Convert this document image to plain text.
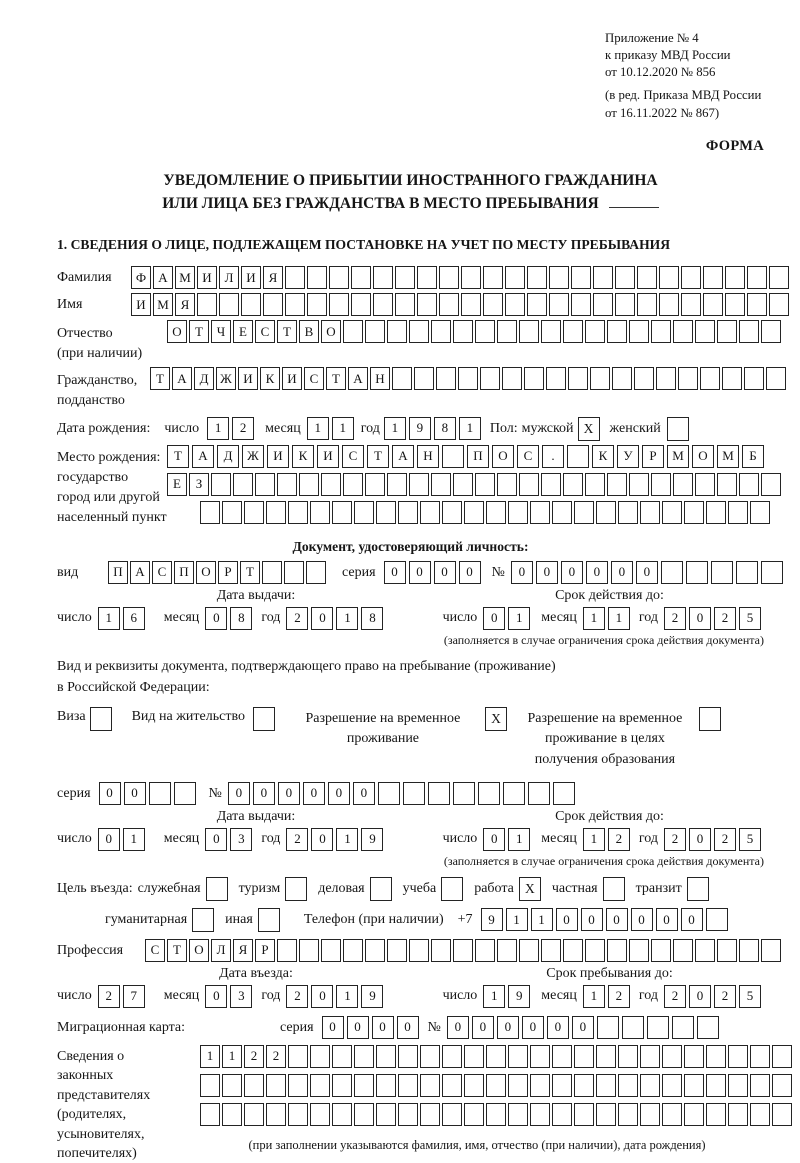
Приложение № 4
к приказу МВД России
от 10.12.2020 № 856
(в ред. Приказа МВД России
от 16.11.2022 № 867)
ФОРМА
УВЕДОМЛЕНИЕ О ПРИБЫТИИ ИНОСТРАННОГО ГРАЖДАНИНА
ИЛИ ЛИЦА БЕЗ ГРАЖДАНСТВА В МЕСТО ПРЕБЫВАНИЯ
1. СВЕДЕНИЯ О ЛИЦЕ, ПОДЛЕЖАЩЕМ ПОСТАНОВКЕ НА УЧЕТ ПО МЕСТУ ПРЕБЫВАНИЯ
Фамилия	Ф А М И Л И Я
Имя	И М Я
Отчество
(при наличии)
О	Т	Ч	Е	С	Т	В О
Гражданство,
подданство
Т	А Д Ж И К И С	Т	А Н
Дата рождения: число	1	2	месяц	1	1	год 1	9	8	1	Пол: мужской X	женский
Место рождения:
государство
город или другой
населенный пункт
Т	А	Д	Ж	И	К	И	С	Т	А	Н	П	О	С	.	К	У	Р	М	О	М	Б
Е	З
Документ, удостоверяющий личность:
вид	П А С П О	Р	Т	серия	0	0	0	0	№	0	0	0	0	0	0
Дата выдачи:	Срок действия до:
число	1	6	месяц	0	8	год	2	0	1	8	число	0	1	месяц	1	1	год	2	0	2	5
(заполняется в случае ограничения срока действия документа)
Вид и реквизиты документа, подтверждающего право на пребывание (проживание)
в Российской Федерации:
Виза	Вид на жительство	Разрешение на временное проживание
X	Разрешение на временное проживание в целях получения образования
серия	0	0	№	0	0	0	0	0	0
Дата выдачи:	Срок действия до:
число	0	1	месяц	0	3	год	2	0	1	9	число	0	1	месяц	1	2	год	2	0	2	5
(заполняется в случае ограничения срока действия документа)
Цель въезда: служебная	туризм	деловая	учеба	работа X	частная	транзит
гуманитарная	иная	Телефон (при наличии) +7	9	1	1	0	0	0	0	0	0
Профессия	С	Т	О Л	Я	Р
Дата въезда:	Срок пребывания до:
число	2	7	месяц	0	3	год	2	0	1	9	число	1	9	месяц	1	2	год	2	0	2	5
Миграционная карта:	серия	0	0	0	0	№	0	0	0	0	0	0
Сведения о
законных
представителях
(родителях,
усыновителях,
попечителях)
1	1	2	2
(при заполнении указываются фамилия, имя, отчество (при наличии), дата рождения)
